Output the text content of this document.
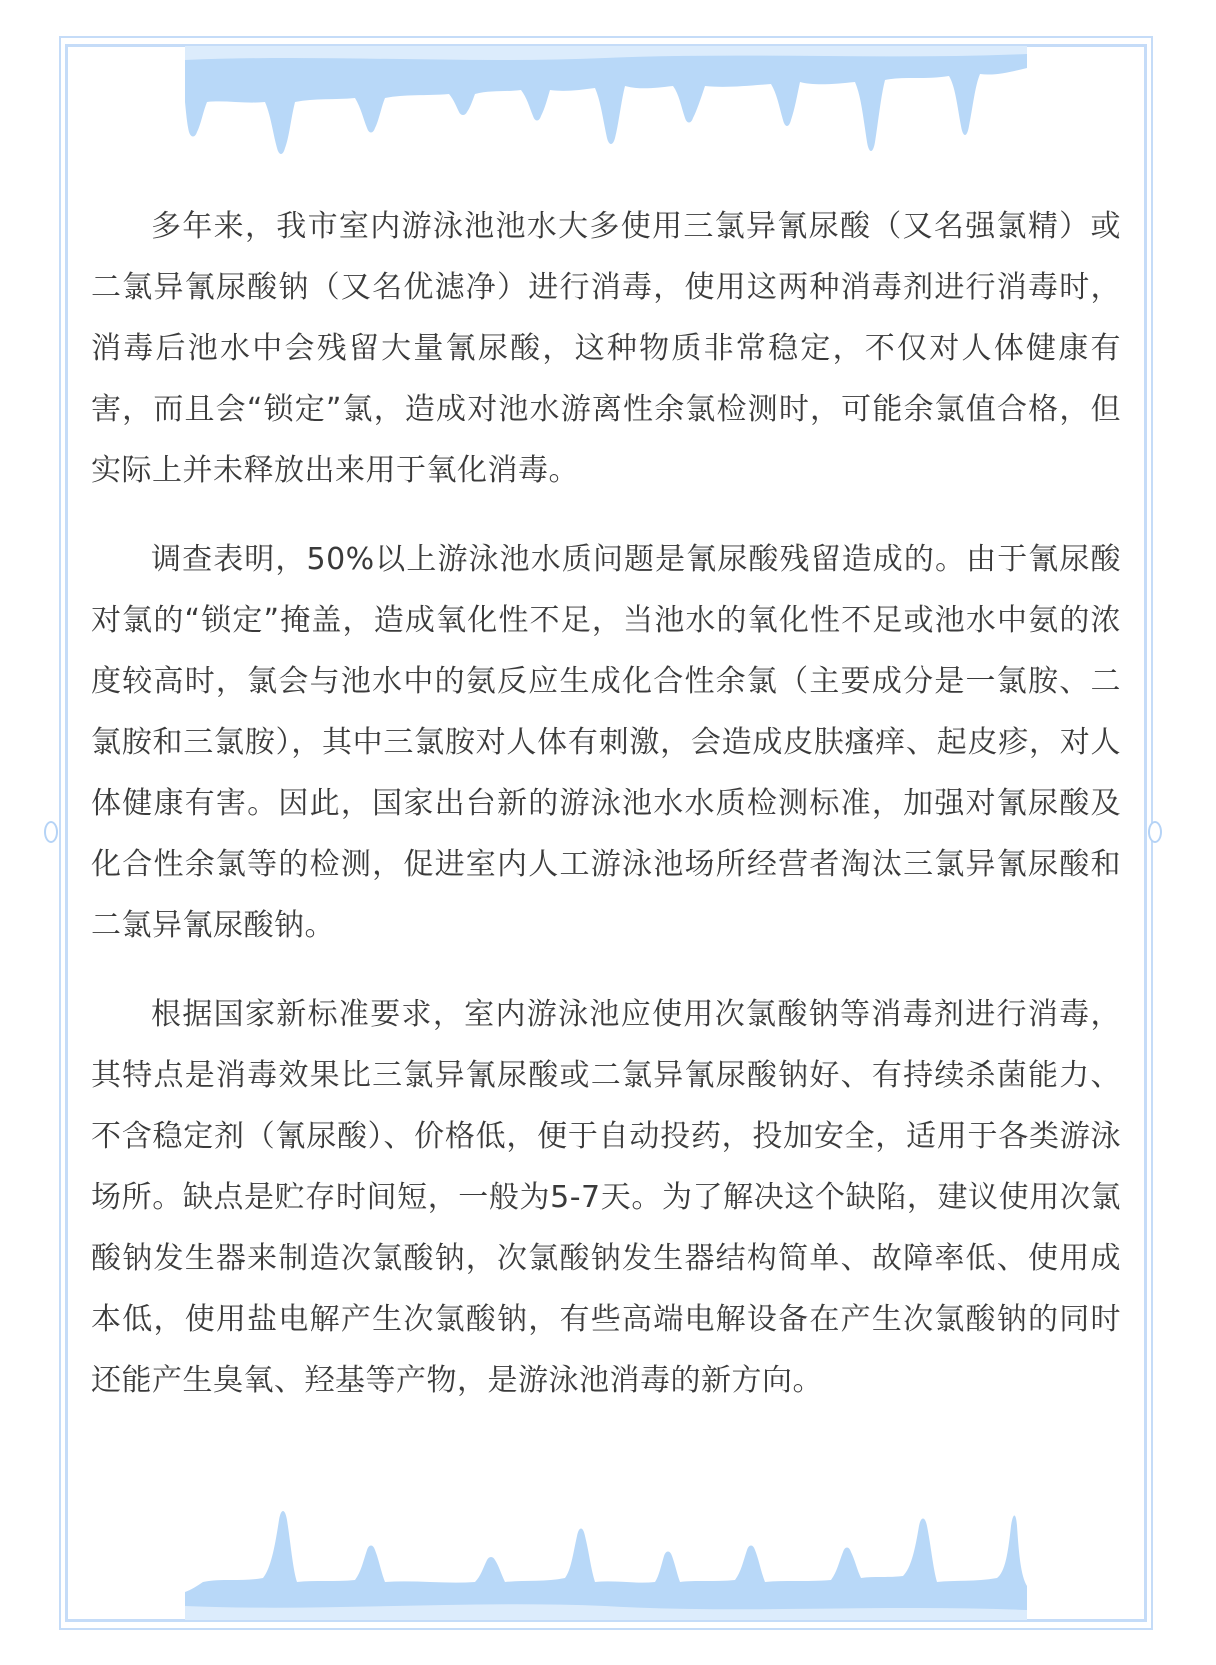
多年来，我市室内游泳池池水大多使用三氯异氰尿酸（又名强氯精）或二氯异氰尿酸钠（又名优滤净）进行消毒，使用这两种消毒剂进行消毒时，消毒后池水中会残留大量氰尿酸，这种物质非常稳定，不仅对人体健康有害，而且会“锁定”氯，造成对池水游离性余氯检测时，可能余氯值合格，但实际上并未释放出来用于氧化消毒。

调查表明，50%以上游泳池水质问题是氰尿酸残留造成的。由于氰尿酸对氯的“锁定”掩盖，造成氧化性不足，当池水的氧化性不足或池水中氨的浓度较高时，氯会与池水中的氨反应生成化合性余氯（主要成分是一氯胺、二氯胺和三氯胺），其中三氯胺对人体有刺激，会造成皮肤瘙痒、起皮疹，对人体健康有害。因此，国家出台新的游泳池水水质检测标准，加强对氰尿酸及化合性余氯等的检测，促进室内人工游泳池场所经营者淘汰三氯异氰尿酸和二氯异氰尿酸钠。

根据国家新标准要求，室内游泳池应使用次氯酸钠等消毒剂进行消毒，其特点是消毒效果比三氯异氰尿酸或二氯异氰尿酸钠好、有持续杀菌能力、不含稳定剂（氰尿酸）、价格低，便于自动投药，投加安全，适用于各类游泳场所。缺点是贮存时间短，一般为5-7天。为了解决这个缺陷，建议使用次氯酸钠发生器来制造次氯酸钠，次氯酸钠发生器结构简单、故障率低、使用成本低，使用盐电解产生次氯酸钠，有些高端电解设备在产生次氯酸钠的同时还能产生臭氧、羟基等产物，是游泳池消毒的新方向。
